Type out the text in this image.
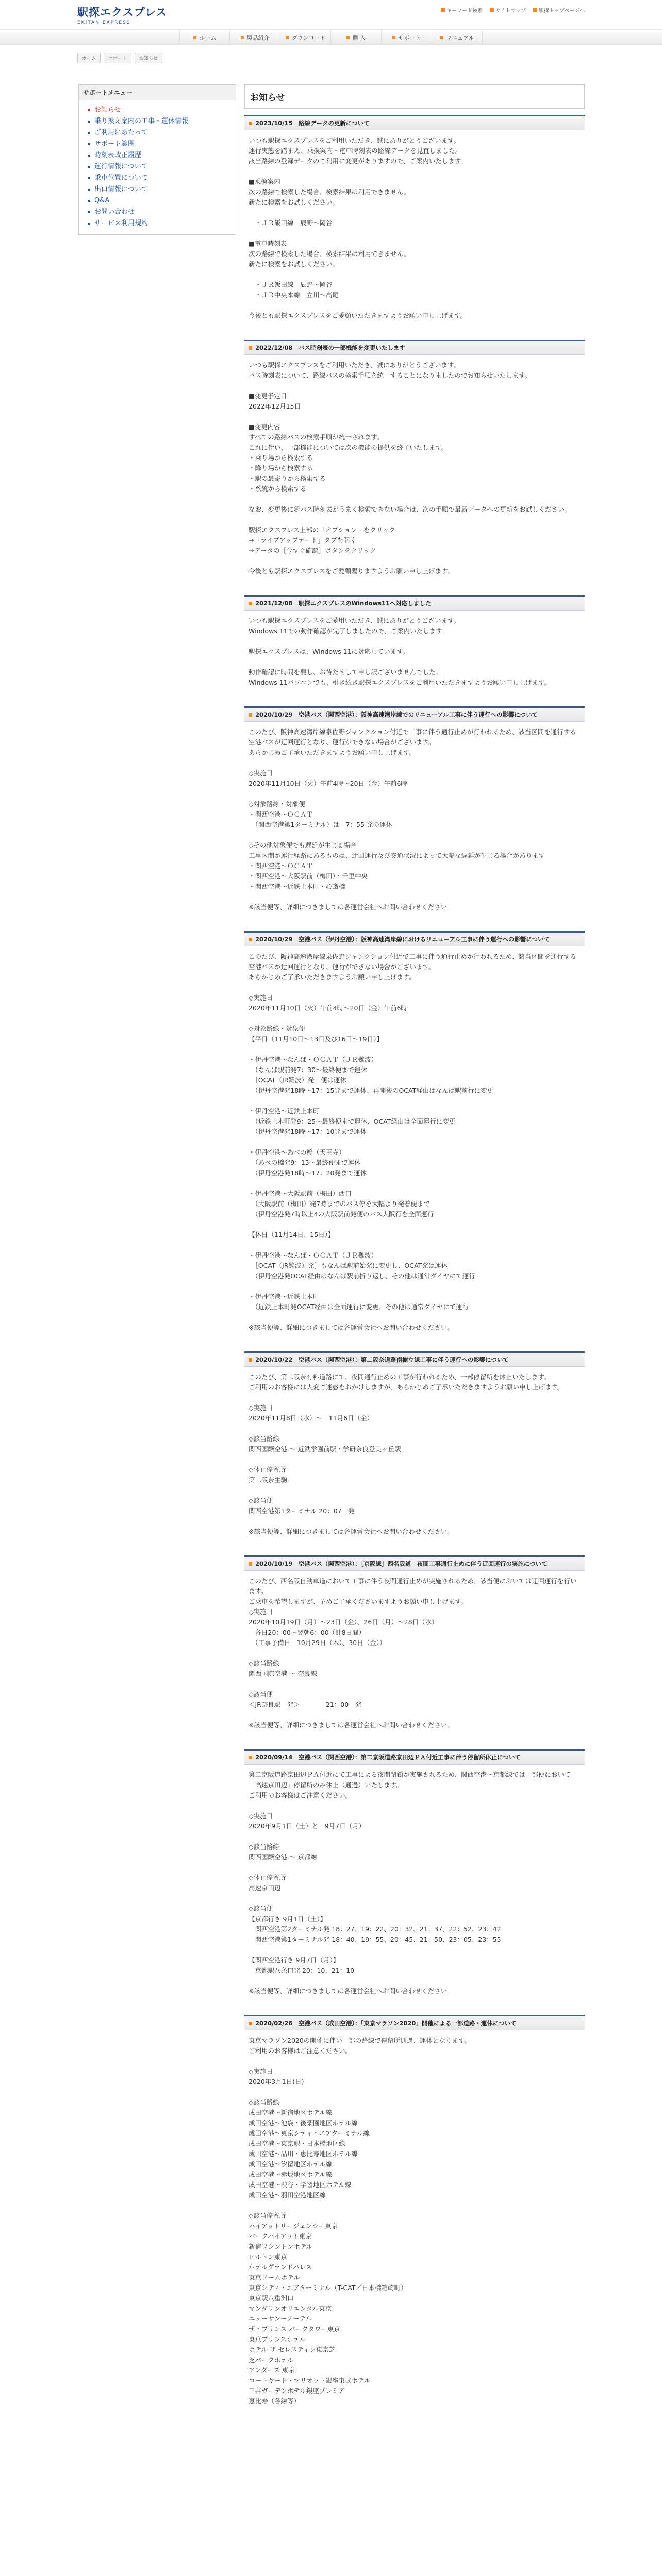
駅探エクスプレス
EKITAN EXPRESS
キーワード検索	サイトマップ	駅探トップページへ
ホーム	製品紹介	ダウンロード	購 入	サポート	マニュアル
ホーム	サポート	お知らせ
サポートメニュー
お知らせ
乗り換え案内の工事・運休情報
ご利用にあたって
サポート範囲
時刻表改正履歴
運行情報について
乗車位置について
出口情報について
Q&A
お問い合わせ
サービス利用規約
お知らせ
2023/10/15　路線データの更新について
いつも駅探エクスプレスをご利用いただき、誠にありがとうございます。
運行実態を踏まえ、乗換案内・電車時刻表の路線データを見直しました。
該当路線の登録データのご利用に変更がありますので、ご案内いたします。

■乗換案内
次の路線で検索した場合、検索結果は利用できません。
新たに検索をお試しください。

　・ＪＲ飯田線　辰野〜岡谷

■電車時刻表
次の路線で検索した場合、検索結果は利用できません。
新たに検索をお試しください。

　・ＪＲ飯田線　辰野〜岡谷
　・ＪＲ中央本線　立川〜高尾

今後とも駅探エクスプレスをご愛顧いただきますようお願い申し上げます。
2022/12/08　バス時刻表の一部機能を変更いたします
いつも駅探エクスプレスをご利用いただき、誠にありがとうございます。
バス時刻表について、路線バスの検索手順を統一することになりましたのでお知らせいたします。

■変更予定日
2022年12月15日

■変更内容
すべての路線バスの検索手順が統一されます。
これに伴い、一部機能については次の機能の提供を終了いたします。
・乗り場から検索する
・降り場から検索する
・駅の最寄りから検索する
・系統から検索する

なお、変更後に新バス時刻表がうまく検索できない場合は、次の手順で最新データへの更新をお試しください。

駅探エクスプレス上部の「オプション」をクリック
→「ライブアップデート」タブを開く
→データの［今すぐ確認］ボタンをクリック

今後とも駅探エクスプレスをご愛顧賜りますようお願い申し上げます。
2021/12/08　駅探エクスプレスのWindows11へ対応しました
いつも駅探エクスプレスをご愛用いただき、誠にありがとうございます。
Windows 11での動作確認が完了しましたので、ご案内いたします。

駅探エクスプレスは、Windows 11に対応しています。

動作確認に時間を要し、お待たせして申し訳ございませんでした。
Windows 11パソコンでも、引き続き駅探エクスプレスをご利用いただきますようお願い申し上げます。
2020/10/29　空港バス（関西空港）：阪神高速湾岸線でのリニューアル工事に伴う運行への影響について
このたび、阪神高速湾岸線泉佐野ジャンクション付近で工事に伴う通行止めが行われるため、該当区間を通行する空港バスが迂回運行となり、運行ができない場合がございます。
あらかじめご了承いただきますようお願い申し上げます。

◇実施日
2020年11月10日（火）午前4時〜20日（金）午前6時

◇対象路線・対象便
・関西空港〜ＯＣＡＴ
　（関西空港第1ターミナル）は　7：55 発の運休

◇その他対象便でも遅延が生じる場合
工事区間が運行経路にあるものは、迂回運行及び交通状況によって大幅な遅延が生じる場合があります
・関西空港〜ＯＣＡＴ
・関西空港〜大阪駅前（梅田）・千里中央
・関西空港〜近鉄上本町・心斎橋

※該当便等、詳細につきましては各運営会社へお問い合わせください。
2020/10/29　空港バス（伊丹空港）：阪神高速湾岸線におけるリニューアル工事に伴う運行への影響について
このたび、阪神高速湾岸線泉佐野ジャンクション付近で工事に伴う通行止めが行われるため、該当区間を通行する空港バスが迂回運行となり、運行ができない場合がございます。
あらかじめご了承いただきますようお願い申し上げます。

◇実施日
2020年11月10日（火）午前4時〜20日（金）午前6時

◇対象路線・対象便
【平日（11月10日〜13日及び16日〜19日）】

・伊丹空港〜なんば・ＯＣＡＴ（ＪＲ難波）
　（なんば駅前発7：30〜最終便まで運休
　［OCAT（JR難波）発］便は運休
　（伊丹空港発18時〜17：15発まで運休、再開後のOCAT経由はなんば駅前行に変更

・伊丹空港〜近鉄上本町
　（近鉄上本町発9：25〜最終便まで運休、OCAT経由は全面運行に変更
　（伊丹空港発18時〜17：10発まで運休

・伊丹空港〜あべの橋（天王寺）
　（あべの橋発9：15〜最終便まで運休
　（伊丹空港発18時〜17：20発まで運休

・伊丹空港〜大阪駅前（梅田）西口
　（大阪駅前（梅田）発7時までのバス停を大幅より発着便まで
　（伊丹空港発7時以上4の大阪駅前発便のバス大阪行を全面運行

【休日（11月14日、15日）】

・伊丹空港〜なんば・ＯＣＡＴ（ＪＲ難波）
　［OCAT（JR難波）発］もなんば駅前始発に変更し、OCAT発は運休
　（伊丹空港発OCAT経由はなんば駅前折り返し、その他は通常ダイヤにて運行

・伊丹空港〜近鉄上本町
　（近鉄上本町発OCAT経由は全面運行に変更、その他は通常ダイヤにて運行

※該当便等、詳細につきましては各運営会社へお問い合わせください。
2020/10/22　空港バス（関西空港）：第二阪奈道路南樹立線工事に伴う運行への影響について
このたび、第二阪奈有料道路にて、夜間通行止めの工事が行われるため、一部停留所を休止いたします。
ご利用のお客様には大変ご迷惑をおかけしますが、あらかじめご了承いただきますようお願い申し上げます。

◇実施日
2020年11月8日（水）〜　11月6日（金）

◇該当路線
関西国際空港 〜 近鉄学園前駅・学研奈良登美ヶ丘駅

◇休止停留所
第二阪奈生駒

◇該当便
関西空港第1ターミナル 20：07　発

※該当便等、詳細につきましては各運営会社へお問い合わせください。
2020/10/19　空港バス（関西空港）：［京阪線］西名阪道　夜間工事通行止めに伴う迂回運行の実施について
このたび、西名阪自動車道において工事に伴う夜間通行止めが実施されるため、該当便においては迂回運行を行います。
ご乗車を希望しますが、予めご了承くださいますようお願い申し上げます。
◇実施日
2020年10月19日（月）〜23日（金）、26日（月）〜28日（水）
　各日20：00〜翌朝6：00（計8日間）
　（工事予備日　10月29日（木）、30日（金））

◇該当路線
関西国際空港 〜 奈良線

◇該当便
＜JR奈良駅　発＞　　　　21：00　発

※該当便等、詳細につきましては各運営会社へお問い合わせください。
2020/09/14　空港バス（関西空港）：第二京阪道路京田辺ＰＡ付近工事に伴う停留所休止について
第二京阪道路京田辺ＰＡ付近にて工事による夜間閉鎖が実施されるため、関西空港〜京都線では一部便において「高速京田辺」停留所のみ休止（通過）いたします。
ご利用のお客様はご注意ください。

◇実施日
2020年9月1日（土）と　9月7日（月）

◇該当路線
関西国際空港 〜 京都線

◇休止停留所
高速京田辺

◇該当便
【京都行き 9月1日（土）】
　関西空港第2ターミナル発 18：27、19：22、20：32、21：37、22：52、23：42
　関西空港第1ターミナル発 18：40、19：55、20：45、21：50、23：05、23：55

【関西空港行き 9月7日（月）】
　京都駅八条口発 20：10、21：10

※該当便等、詳細につきましては各運営会社へお問い合わせください。
2020/02/26　空港バス（成田空港）：「東京マラソン2020」開催による一部道路・運休について
東京マラソン2020の開催に伴い一部の路線で停留所通過、運休となります。
ご利用のお客様はご注意ください。

◇実施日
2020年3月1日(日)

◇該当路線
成田空港〜新宿地区ホテル線
成田空港〜池袋・後楽園地区ホテル線
成田空港〜東京シティ・エアターミナル線
成田空港〜東京駅・日本橋地区線
成田空港〜品川・恵比寿地区ホテル線
成田空港〜汐留地区ホテル線
成田空港〜赤坂地区ホテル線
成田空港〜渋谷・学習地区ホテル線
成田空港〜羽田空港地区線

◇該当停留所
ハイアットリージェンシー東京
パークハイアット東京
新宿ワシントンホテル
ヒルトン東京
ホテルグランドパレス
東京ドームホテル
東京シティ・エアターミナル（T-CAT／日本橋箱崎町）
東京駅八重洲口
マンダリンオリエンタル東京
ニューサンーノーテル
ザ・プリンス パークタワー東京
東京プリンスホテル
ホテル ザ セレスティン東京芝
芝パークホテル
アンダーズ 東京
コートヤード・マリオット銀座東武ホテル
三井ガーデンホテル銀座プレミア
恵比寿（各線等）
